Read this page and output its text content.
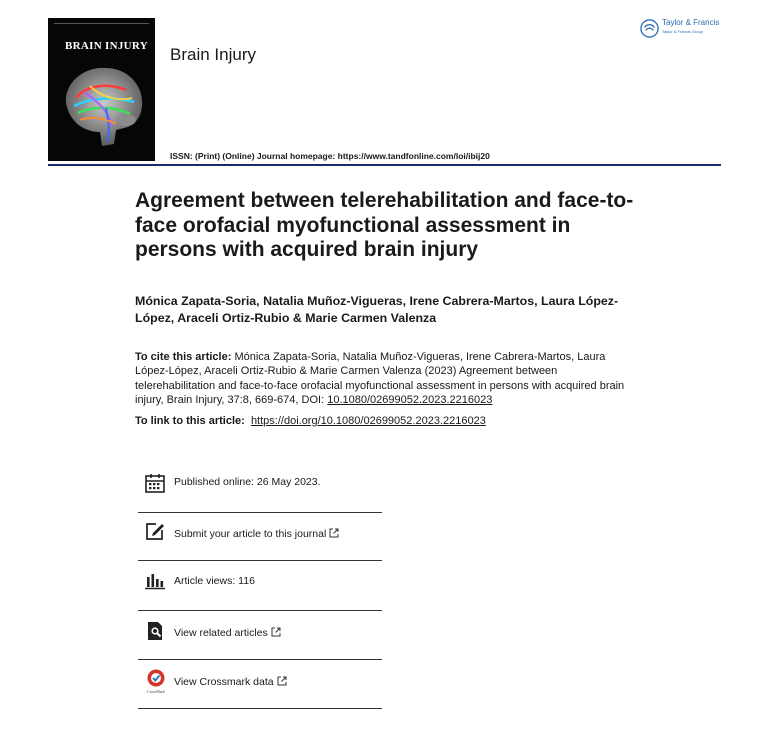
BRAIN INJURY Brain Injury
Taylor & Francis
Taylor & Francis Group
ISSN: (Print) (Online) Journal homepage: https://www.tandfonline.com/loi/ibij20
Agreement between telerehabilitation and face-to-face orofacial myofunctional assessment in persons with acquired brain injury
Mónica Zapata-Soria, Natalia Muñoz-Vigueras, Irene Cabrera-Martos, Laura López-López, Araceli Ortiz-Rubio & Marie Carmen Valenza
To cite this article: Mónica Zapata-Soria, Natalia Muñoz-Vigueras, Irene Cabrera-Martos, Laura López-López, Araceli Ortiz-Rubio & Marie Carmen Valenza (2023) Agreement between telerehabilitation and face-to-face orofacial myofunctional assessment in persons with acquired brain injury, Brain Injury, 37:8, 669-674, DOI: 10.1080/02699052.2023.2216023
To link to this article: https://doi.org/10.1080/02699052.2023.2216023
Published online: 26 May 2023.
Submit your article to this journal
Article views: 116
View related articles
CrossMark
View Crossmark data
